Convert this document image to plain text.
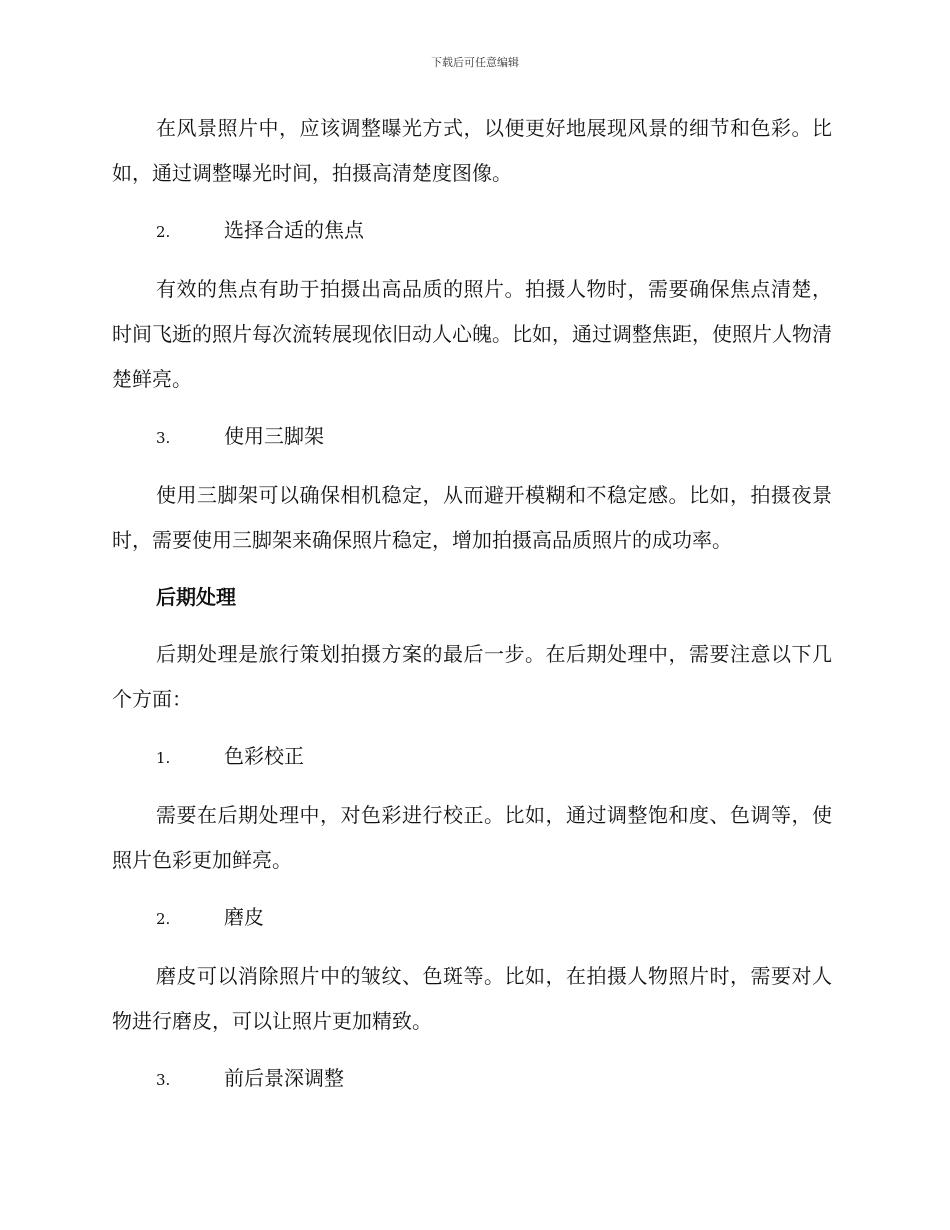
下载后可任意编辑

在风景照片中，应该调整曝光方式，以便更好地展现风景的细节和色彩。比如，通过调整曝光时间，拍摄高清楚度图像。

2.	选择合适的焦点

有效的焦点有助于拍摄出高品质的照片。拍摄人物时，需要确保焦点清楚，时间飞逝的照片每次流转展现依旧动人心魄。比如，通过调整焦距，使照片人物清楚鲜亮。

3.	使用三脚架

使用三脚架可以确保相机稳定，从而避开模糊和不稳定感。比如，拍摄夜景时，需要使用三脚架来确保照片稳定，增加拍摄高品质照片的成功率。

后期处理

后期处理是旅行策划拍摄方案的最后一步。在后期处理中，需要注意以下几个方面：

1.	色彩校正

需要在后期处理中，对色彩进行校正。比如，通过调整饱和度、色调等，使照片色彩更加鲜亮。

2.	磨皮

磨皮可以消除照片中的皱纹、色斑等。比如，在拍摄人物照片时，需要对人物进行磨皮，可以让照片更加精致。

3.	前后景深调整
